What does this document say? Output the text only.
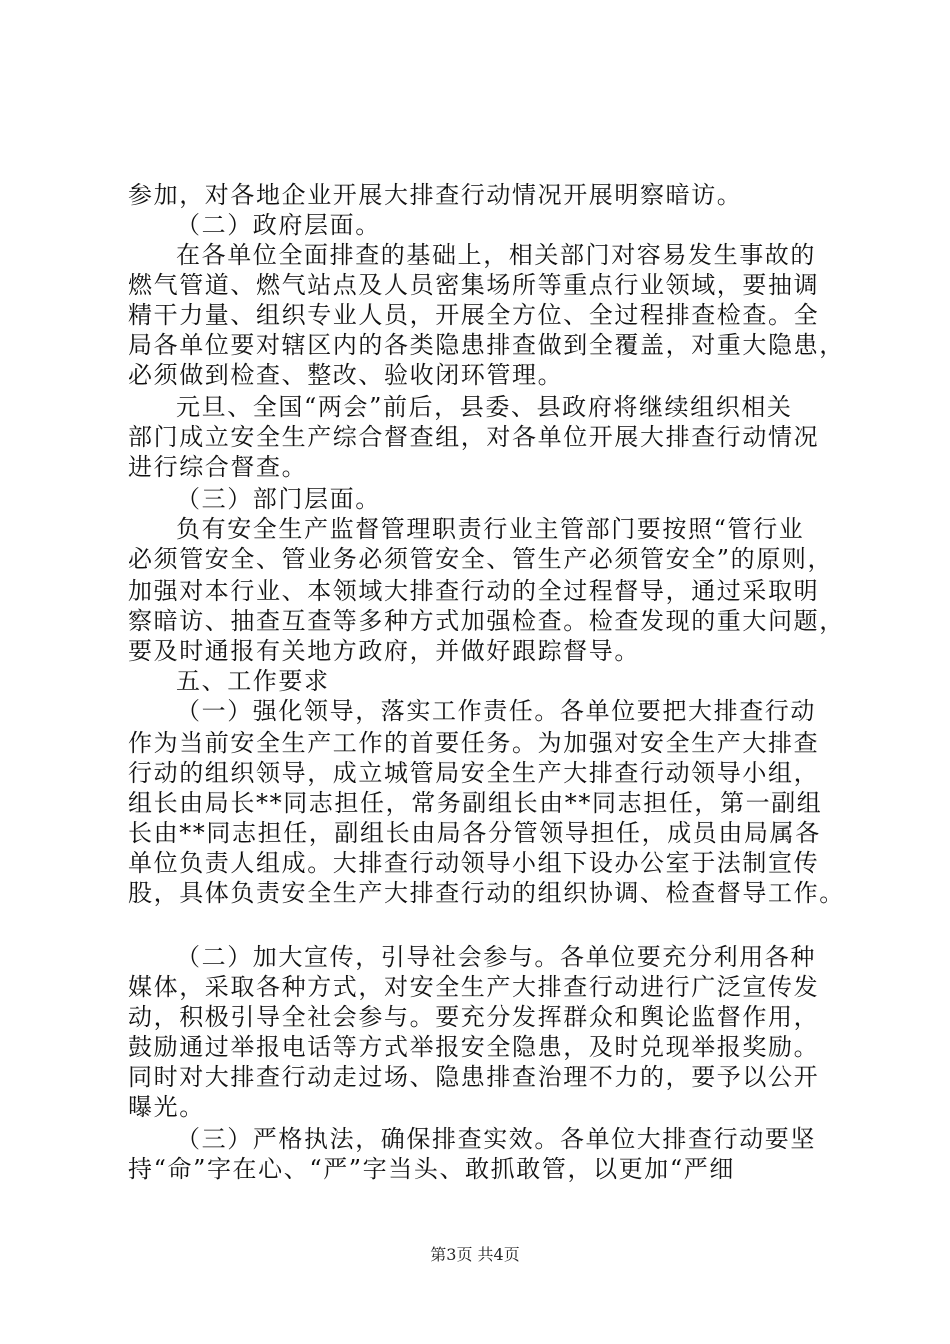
参加，对各地企业开展大排查行动情况开展明察暗访。
（二）政府层面。
在各单位全面排查的基础上，相关部门对容易发生事故的
燃气管道、燃气站点及人员密集场所等重点行业领域，要抽调
精干力量、组织专业人员，开展全方位、全过程排查检查。全
局各单位要对辖区内的各类隐患排查做到全覆盖，对重大隐患，
必须做到检查、整改、验收闭环管理。
元旦、全国“两会”前后，县委、县政府将继续组织相关
部门成立安全生产综合督查组，对各单位开展大排查行动情况
进行综合督查。
（三）部门层面。
负有安全生产监督管理职责行业主管部门要按照“管行业
必须管安全、管业务必须管安全、管生产必须管安全”的原则，
加强对本行业、本领域大排查行动的全过程督导，通过采取明
察暗访、抽查互查等多种方式加强检查。检查发现的重大问题，
要及时通报有关地方政府，并做好跟踪督导。
五、工作要求
（一）强化领导，落实工作责任。各单位要把大排查行动
作为当前安全生产工作的首要任务。为加强对安全生产大排查
行动的组织领导，成立城管局安全生产大排查行动领导小组，
组长由局长**同志担任，常务副组长由**同志担任，第一副组
长由**同志担任，副组长由局各分管领导担任，成员由局属各
单位负责人组成。大排查行动领导小组下设办公室于法制宣传
股，具体负责安全生产大排查行动的组织协调、检查督导工作。
（二）加大宣传，引导社会参与。各单位要充分利用各种
媒体，采取各种方式，对安全生产大排查行动进行广泛宣传发
动，积极引导全社会参与。要充分发挥群众和舆论监督作用，
鼓励通过举报电话等方式举报安全隐患，及时兑现举报奖励。
同时对大排查行动走过场、隐患排查治理不力的，要予以公开
曝光。
（三）严格执法，确保排查实效。各单位大排查行动要坚
持“命”字在心、“严”字当头、敢抓敢管，以更加“严细
第3页 共4页
